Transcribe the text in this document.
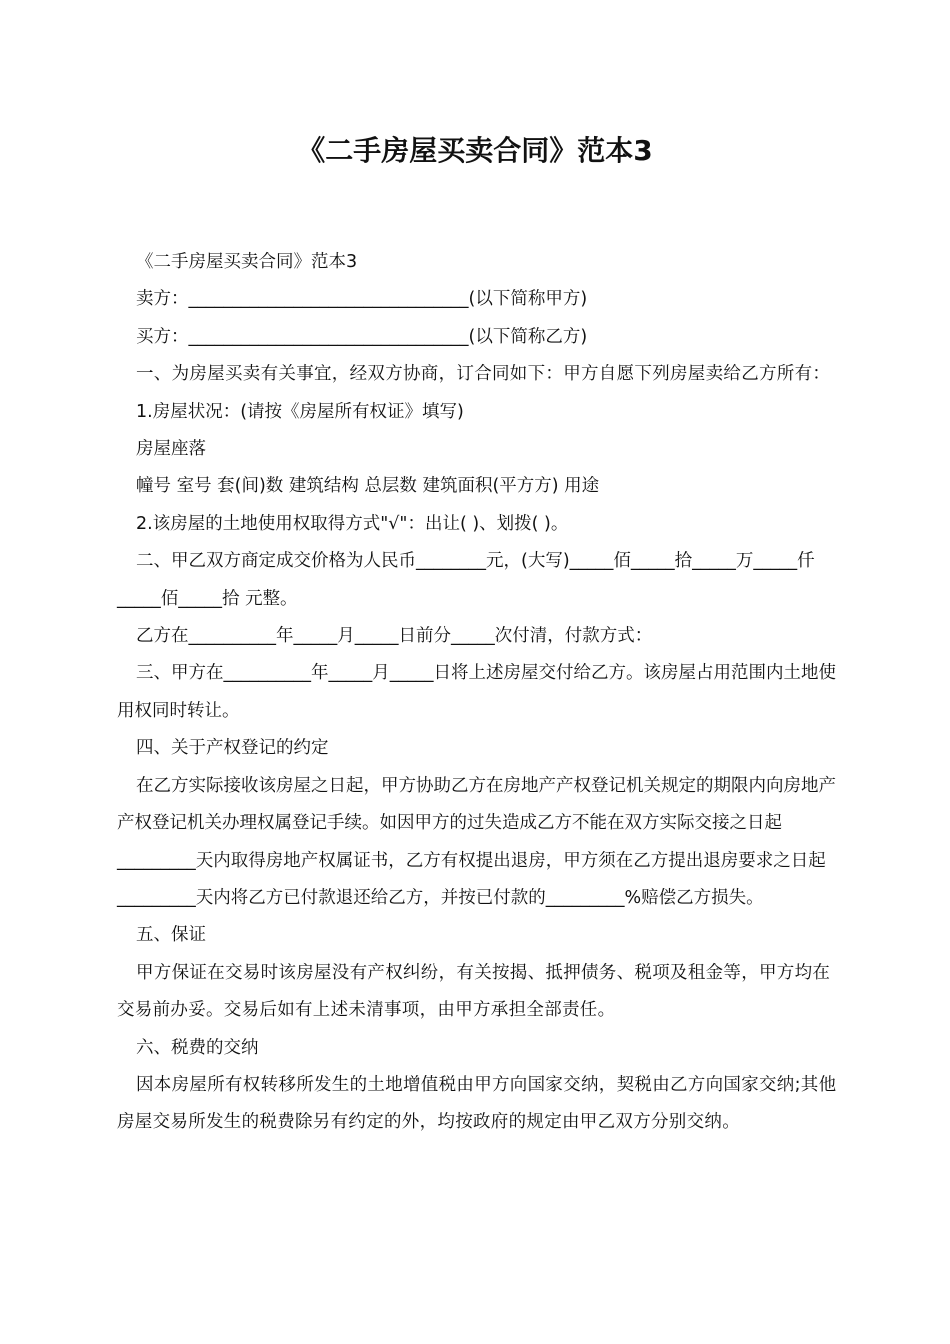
《二手房屋买卖合同》范本3

《二手房屋买卖合同》范本3

卖方：________________________________(以下简称甲方)

买方：________________________________(以下简称乙方)

一、为房屋买卖有关事宜，经双方协商，订合同如下：甲方自愿下列房屋卖给乙方所有：

1.房屋状况：(请按《房屋所有权证》填写)

房屋座落

幢号 室号 套(间)数 建筑结构 总层数 建筑面积(平方方) 用途

2.该房屋的土地使用权取得方式"√"：出让( )、划拨( )。

二、甲乙双方商定成交价格为人民币________元，(大写)_____佰_____拾_____万_____仟_____佰_____拾 元整。

乙方在__________年_____月_____日前分_____次付清，付款方式：

三、甲方在__________年_____月_____日将上述房屋交付给乙方。该房屋占用范围内土地使用权同时转让。

四、关于产权登记的约定

在乙方实际接收该房屋之日起，甲方协助乙方在房地产产权登记机关规定的期限内向房地产产权登记机关办理权属登记手续。如因甲方的过失造成乙方不能在双方实际交接之日起_________天内取得房地产权属证书，乙方有权提出退房，甲方须在乙方提出退房要求之日起_________天内将乙方已付款退还给乙方，并按已付款的_________%赔偿乙方损失。

五、保证

甲方保证在交易时该房屋没有产权纠纷，有关按揭、抵押债务、税项及租金等，甲方均在交易前办妥。交易后如有上述未清事项，由甲方承担全部责任。

六、税费的交纳

因本房屋所有权转移所发生的土地增值税由甲方向国家交纳，契税由乙方向国家交纳;其他房屋交易所发生的税费除另有约定的外，均按政府的规定由甲乙双方分别交纳。
